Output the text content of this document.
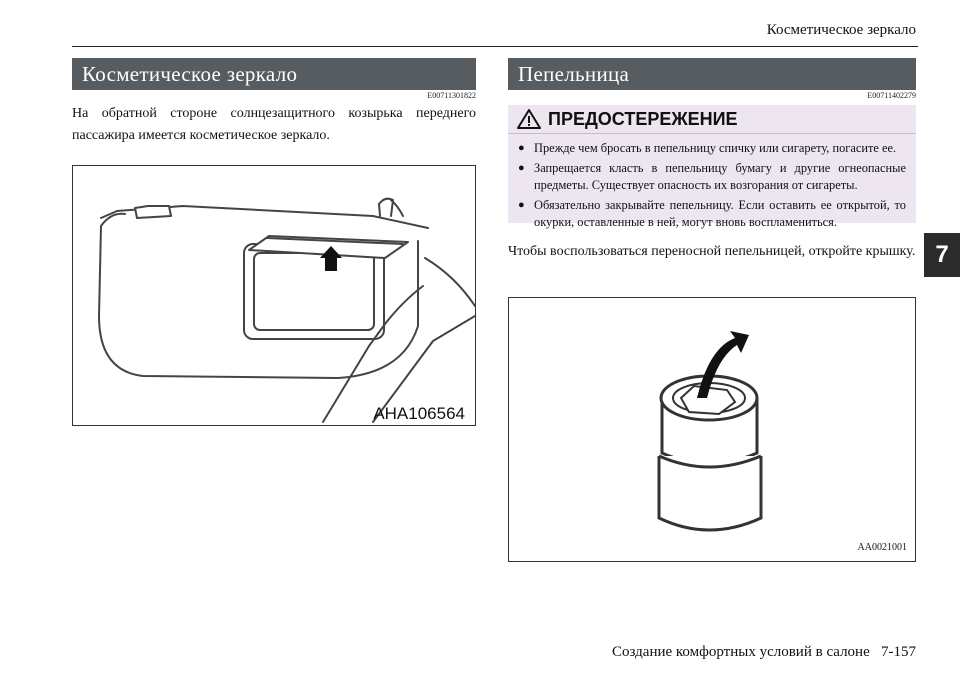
Косметическое зеркало
7
Косметическое зеркало
E00711301822
На обратной стороне солнцезащитного козырька переднего пассажира имеется косметическое зеркало.
AHA106564
Пепельница
E00711402279
ПРЕДОСТЕРЕЖЕНИЕ
● Прежде чем бросать в пепельницу спичку или сигарету, погасите ее.
● Запрещается класть в пепельницу бумагу и другие огнеопасные предметы. Существует опасность их возгорания от сигареты.
● Обязательно закрывайте пепельницу. Если оставить ее открытой, то окурки, оставленные в ней, могут вновь воспламениться.
Чтобы воспользоваться переносной пепельницей, откройте крышку.
AA0021001
Создание комфортных условий в салоне 7-157
